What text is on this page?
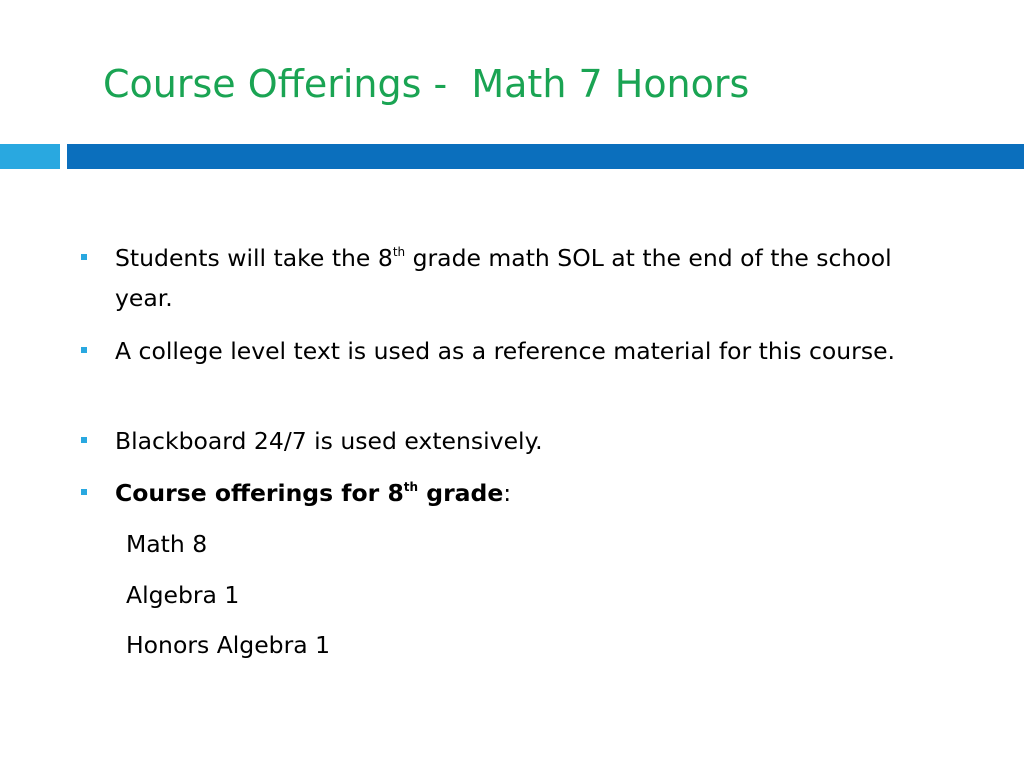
Course Offerings -  Math 7 Honors
Students will take the 8th grade math SOL at the end of the school year.
A college level text is used as a reference material for this course.
Blackboard 24/7 is used extensively.
Course offerings for 8th grade:
Math 8
Algebra 1
Honors Algebra 1
